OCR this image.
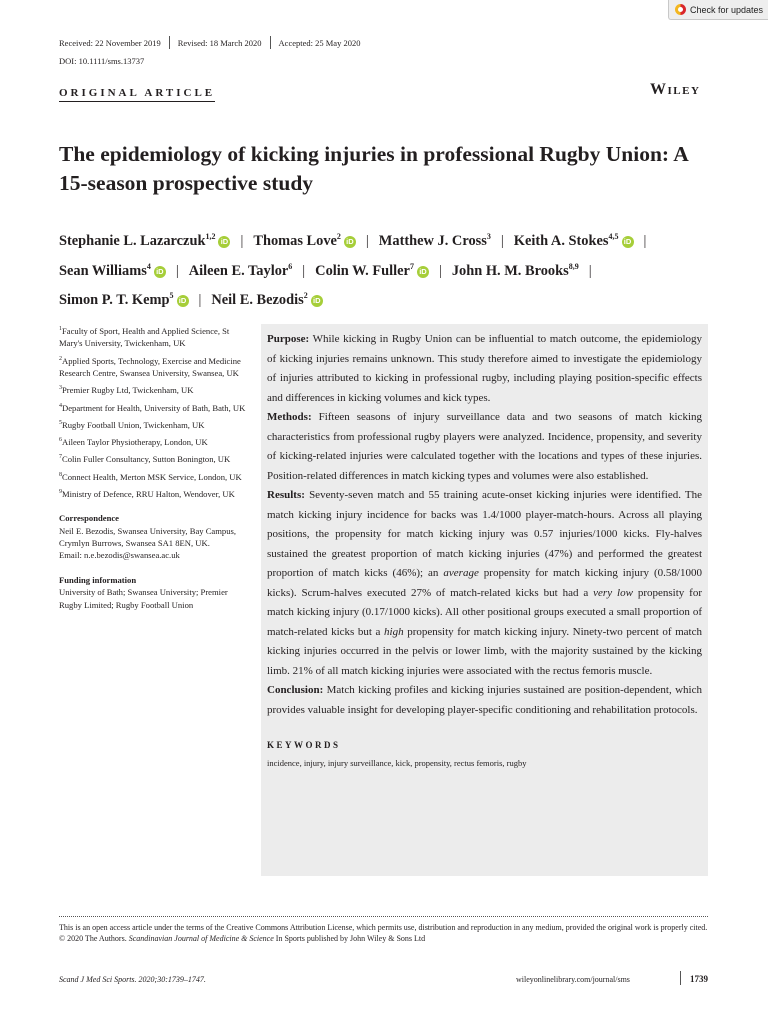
Check for updates
Received: 22 November 2019 Revised: 18 March 2020 Accepted: 25 May 2020
DOI: 10.1111/sms.13737
ORIGINAL ARTICLE	Wiley
The epidemiology of kicking injuries in professional Rugby Union: A 15-season prospective study
Stephanie L. Lazarczuk$^{1,2}$iD | Thomas Love$^2$iD | Matthew J. Cross$^3$ | Keith A. Stokes$^{4,5}$iD |
Sean Williams$^4$iD | Aileen E. Taylor$^6$ | Colin W. Fuller$^7$iD | John H. M. Brooks$^{8,9}$ |
Simon P. T. Kemp$^5$iD | Neil E. Bezodis$^2$iD
$^1$Faculty of Sport, Health and Applied Science, St Mary's University, Twickenham, UK
$^2$Applied Sports, Technology, Exercise and Medicine Research Centre, Swansea University, Swansea, UK
$^3$Premier Rugby Ltd, Twickenham, UK
$^4$Department for Health, University of Bath, Bath, UK
$^5$Rugby Football Union, Twickenham, UK
$^6$Aileen Taylor Physiotherapy, London, UK
$^7$Colin Fuller Consultancy, Sutton Bonington, UK
$^8$Connect Health, Merton MSK Service, London, UK
$^9$Ministry of Defence, RRU Halton, Wendover, UK
Correspondence
Neil E. Bezodis, Swansea University, Bay Campus, Crymlyn Burrows, Swansea SA1 8EN, UK.
Email: n.e.bezodis@swansea.ac.uk
Funding information
University of Bath; Swansea University; Premier Rugby Limited; Rugby Football Union

Purpose: While kicking in Rugby Union can be influential to match outcome, the epidemiology of kicking injuries remains unknown. This study therefore aimed to investigate the epidemiology of injuries attributed to kicking in professional rugby, including playing position-specific effects and differences in kicking volumes and kick types.

Methods: Fifteen seasons of injury surveillance data and two seasons of match kicking characteristics from professional rugby players were analyzed. Incidence, propensity, and severity of kicking-related injuries were calculated together with the locations and types of these injuries. Position-related differences in match kicking types and volumes were also established.

Results: Seventy-seven match and 55 training acute-onset kicking injuries were identified. The match kicking injury incidence for backs was 1.4/1000 player-match-hours. Across all playing positions, the propensity for match kicking injury was 0.57 injuries/1000 kicks. Fly-halves sustained the greatest proportion of match kicking injuries (47%) and performed the greatest proportion of match kicks (46%); an average propensity for match kicking injury (0.58/1000 kicks). Scrum-halves executed 27% of match-related kicks but had a very low propensity for match kicking injury (0.17/1000 kicks). All other positional groups executed a small proportion of match-related kicks but a high propensity for match kicking injury. Ninety-two percent of match kicking injuries occurred in the pelvis or lower limb, with the majority sustained by the kicking limb. 21% of all match kicking injuries were associated with the rectus femoris muscle.

Conclusion: Match kicking profiles and kicking injuries sustained are position-dependent, which provides valuable insight for developing player-specific conditioning and rehabilitation protocols.

KEYWORDS
incidence, injury, injury surveillance, kick, propensity, rectus femoris, rugby
This is an open access article under the terms of the Creative Commons Attribution License, which permits use, distribution and reproduction in any medium, provided the original work is properly cited.
© 2020 The Authors. Scandinavian Journal of Medicine & Science In Sports published by John Wiley & Sons Ltd
Scand J Med Sci Sports. 2020;30:1739–1747.	wileyonlinelibrary.com/journal/sms	1739
